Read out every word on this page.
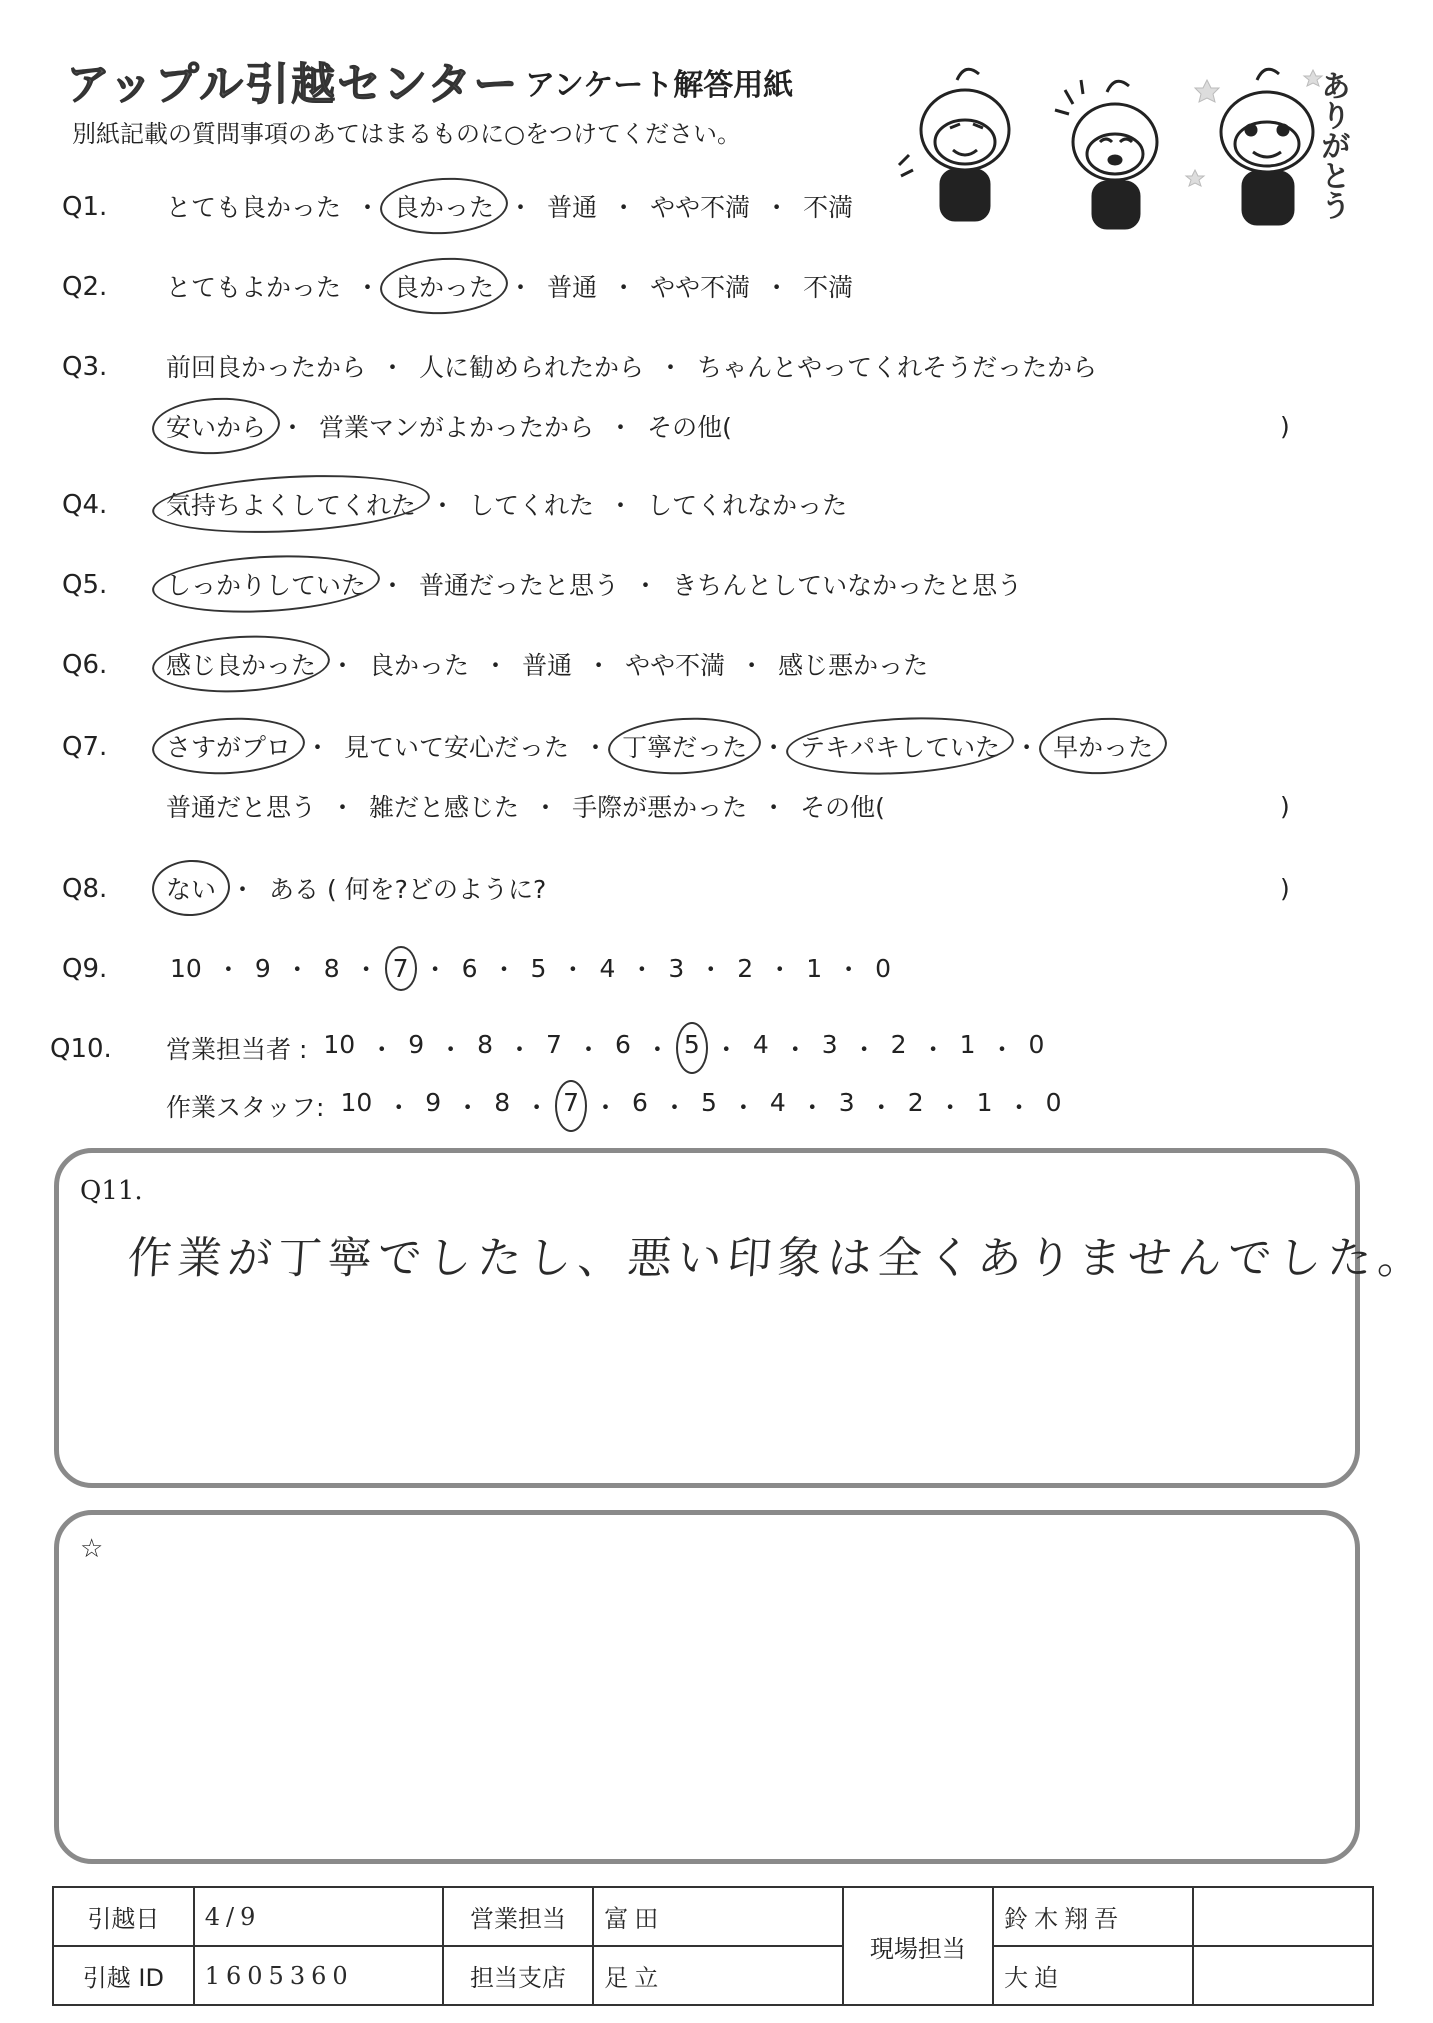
アップル引越センター アンケート解答用紙
別紙記載の質問事項のあてはまるものに○をつけてください。	ありがとう
Q1. とても良かった ・ 良かった ・ 普通 ・ やや不満 ・ 不満
Q2. とてもよかった ・ 良かった ・ 普通 ・ やや不満 ・ 不満
Q3. 前回良かったから ・ 人に勧められたから ・ ちゃんとやってくれそうだったから
安いから ・ 営業マンがよかったから ・ その他(	)
Q4. 気持ちよくしてくれた ・ してくれた ・ してくれなかった
Q5. しっかりしていた ・ 普通だったと思う ・ きちんとしていなかったと思う
Q6. 感じ良かった ・ 良かった ・ 普通 ・ やや不満 ・ 感じ悪かった
Q7. さすがプロ ・ 見ていて安心だった ・ 丁寧だった ・ テキパキしていた ・ 早かった
普通だと思う ・ 雑だと感じた ・ 手際が悪かった ・ その他(	)
Q8. ない ・ ある ( 何を?どのように?	)
Q9.	10 ・ 9 ・ 8 ・ 7 ・ 6 ・ 5 ・ 4 ・ 3 ・ 2 ・ 1 ・ 0
Q10. 営業担当者 : 10 ・ 9 ・ 8 ・ 7 ・ 6 ・ 5 ・ 4 ・ 3 ・ 2 ・ 1 ・ 0
作業スタッフ: 10 ・ 9 ・ 8 ・ 7 ・ 6 ・ 5 ・ 4 ・ 3 ・ 2 ・ 1 ・ 0
Q11.
作業が丁寧でしたし、悪い印象は全くありませんでした。
☆
引越日	4/9	営業担当	富田	現場担当	鈴木翔吾	
引越 ID	1605360	担当支店	足立		大迫	
